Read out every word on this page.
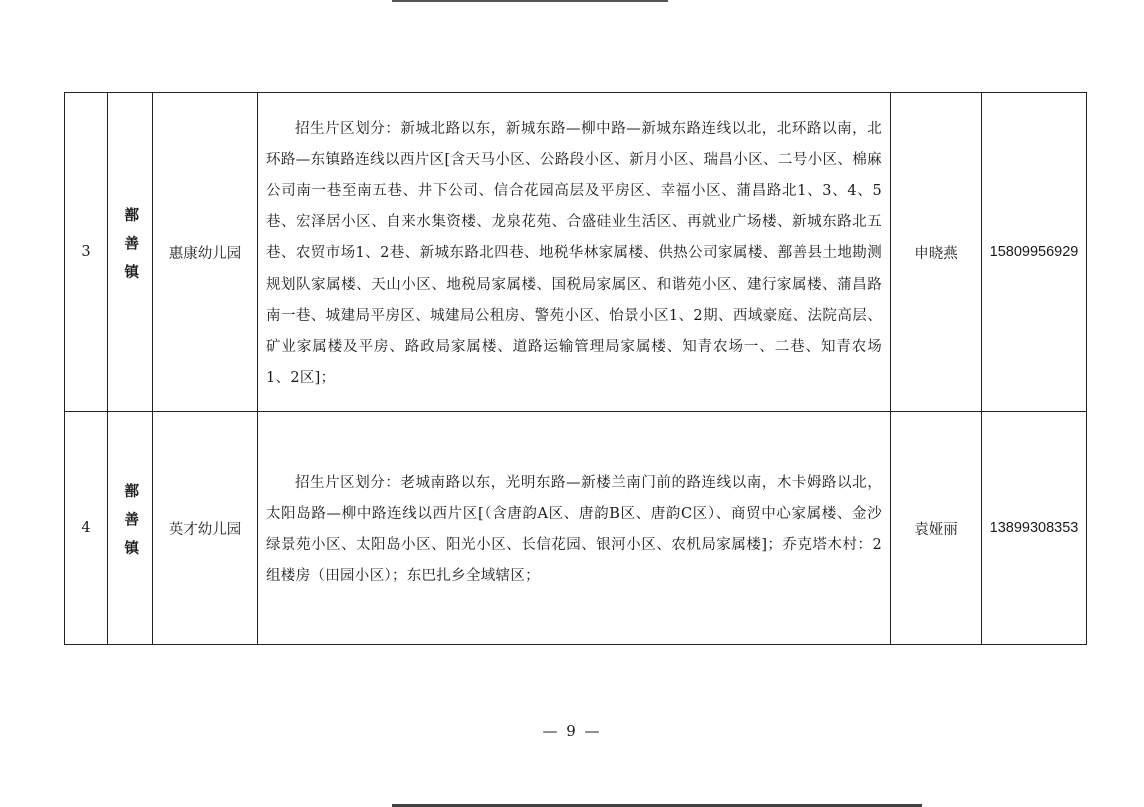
3	鄯善镇	惠康幼儿园	招生片区划分：新城北路以东，新城东路—柳中路—新城东路连线以北，北环路以南，北环路—东镇路连线以西片区[含天马小区、公路段小区、新月小区、瑞昌小区、二号小区、棉麻公司南一巷至南五巷、井下公司、信合花园高层及平房区、幸福小区、蒲昌路北1、3、4、5巷、宏泽居小区、自来水集资楼、龙泉花苑、合盛硅业生活区、再就业广场楼、新城东路北五巷、农贸市场1、2巷、新城东路北四巷、地税华林家属楼、供热公司家属楼、鄯善县土地勘测规划队家属楼、天山小区、地税局家属楼、国税局家属区、和谐苑小区、建行家属楼、蒲昌路南一巷、城建局平房区、城建局公租房、警苑小区、怡景小区1、2期、西域豪庭、法院高层、矿业家属楼及平房、路政局家属楼、道路运输管理局家属楼、知青农场一、二巷、知青农场1、2区]；	申晓燕	15809956929
4	鄯善镇	英才幼儿园	招生片区划分：老城南路以东，光明东路—新楼兰南门前的路连线以南，木卡姆路以北，太阳岛路—柳中路连线以西片区[（含唐韵A区、唐韵B区、唐韵C区）、商贸中心家属楼、金沙绿景苑小区、太阳岛小区、阳光小区、长信花园、银河小区、农机局家属楼]；乔克塔木村：2组楼房（田园小区）；东巴扎乡全域辖区；	袁娅丽	13899308353
— 9 —
